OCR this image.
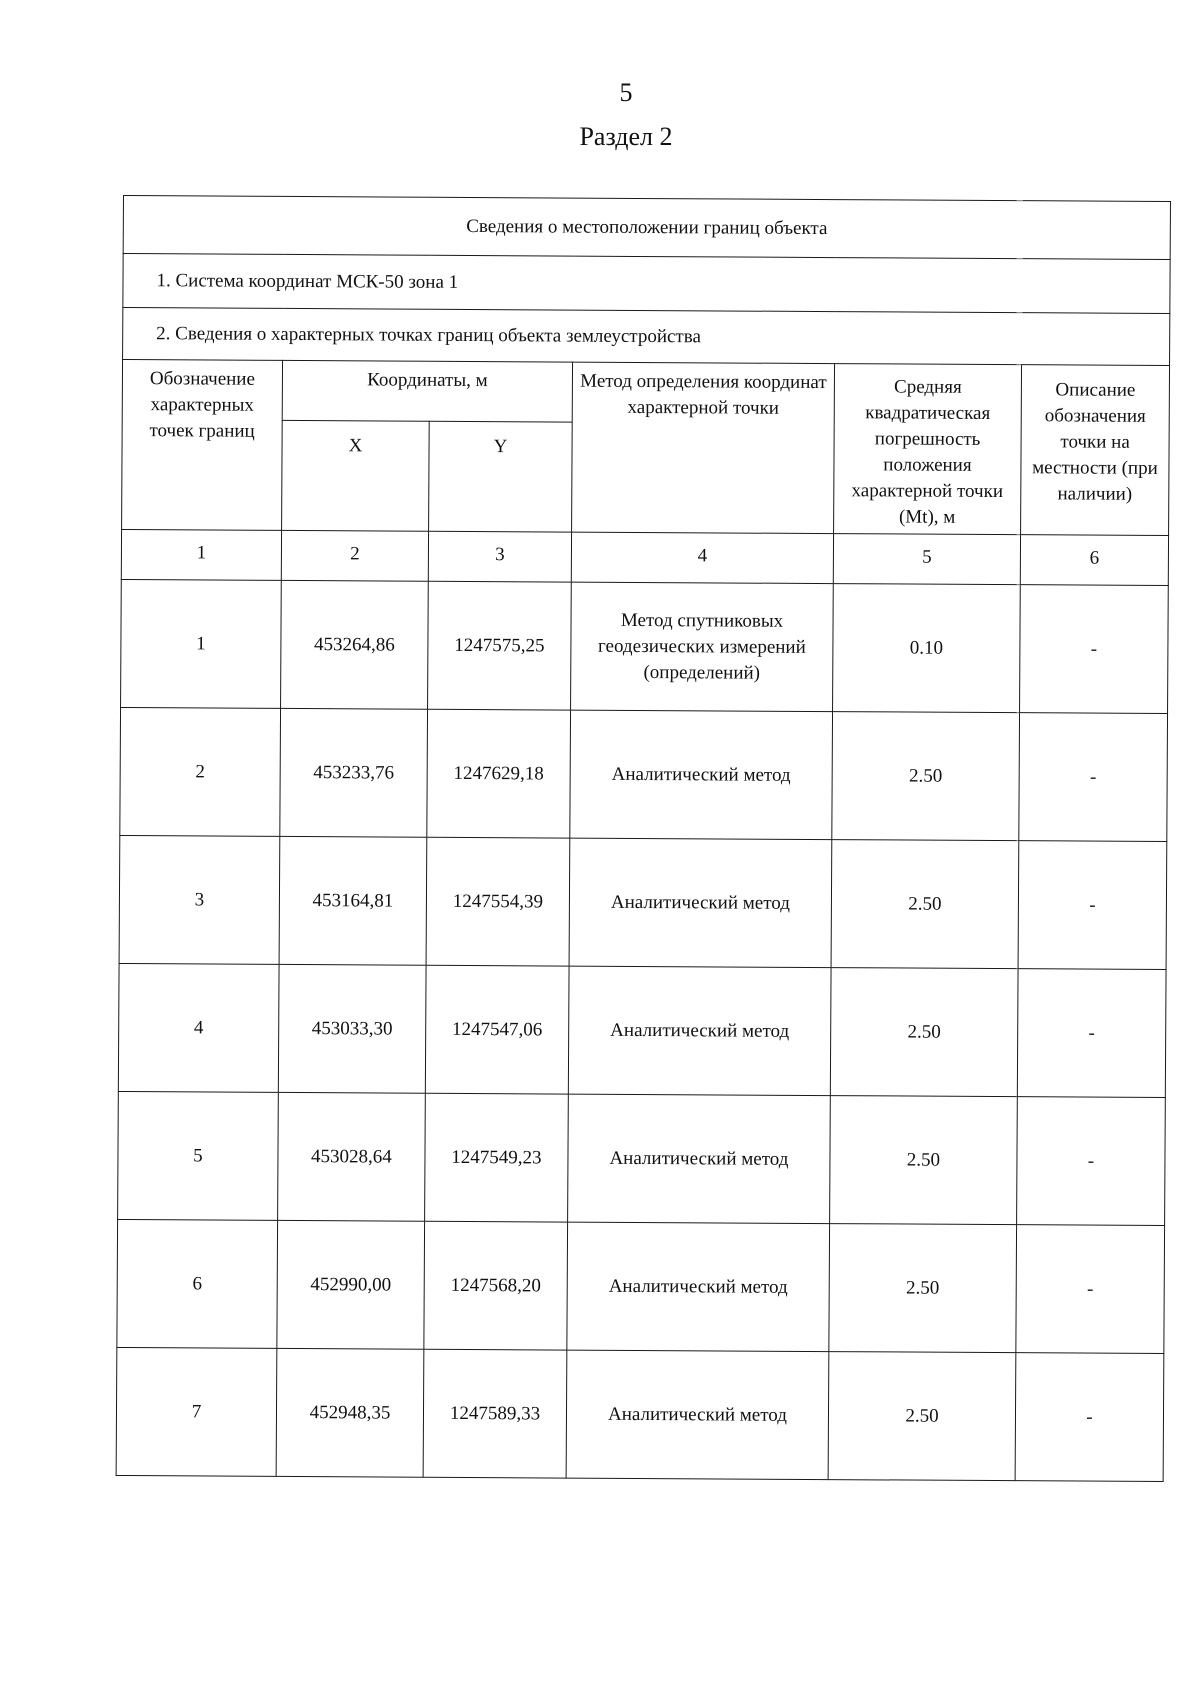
5
Раздел 2
Сведения о местоположении границ объекта					
1. Система координат МСК-50 зона 1					
2. Сведения о характерных точках границ объекта землеустройства					
Обозначение характерных точек границ	Координаты, м		Метод определения координат характерной точки	Средняя квадратическая погрешность положения характерной точки (Mt), м	Описание обозначения точки на местности (при наличии)
	X	Y			
1	2	3	4	5	6
1	453264,86	1247575,25	Метод спутниковых геодезических измерений (определений)	0.10	-
2	453233,76	1247629,18	Аналитический метод	2.50	-
3	453164,81	1247554,39	Аналитический метод	2.50	-
4	453033,30	1247547,06	Аналитический метод	2.50	-
5	453028,64	1247549,23	Аналитический метод	2.50	-
6	452990,00	1247568,20	Аналитический метод	2.50	-
7	452948,35	1247589,33	Аналитический метод	2.50	-
